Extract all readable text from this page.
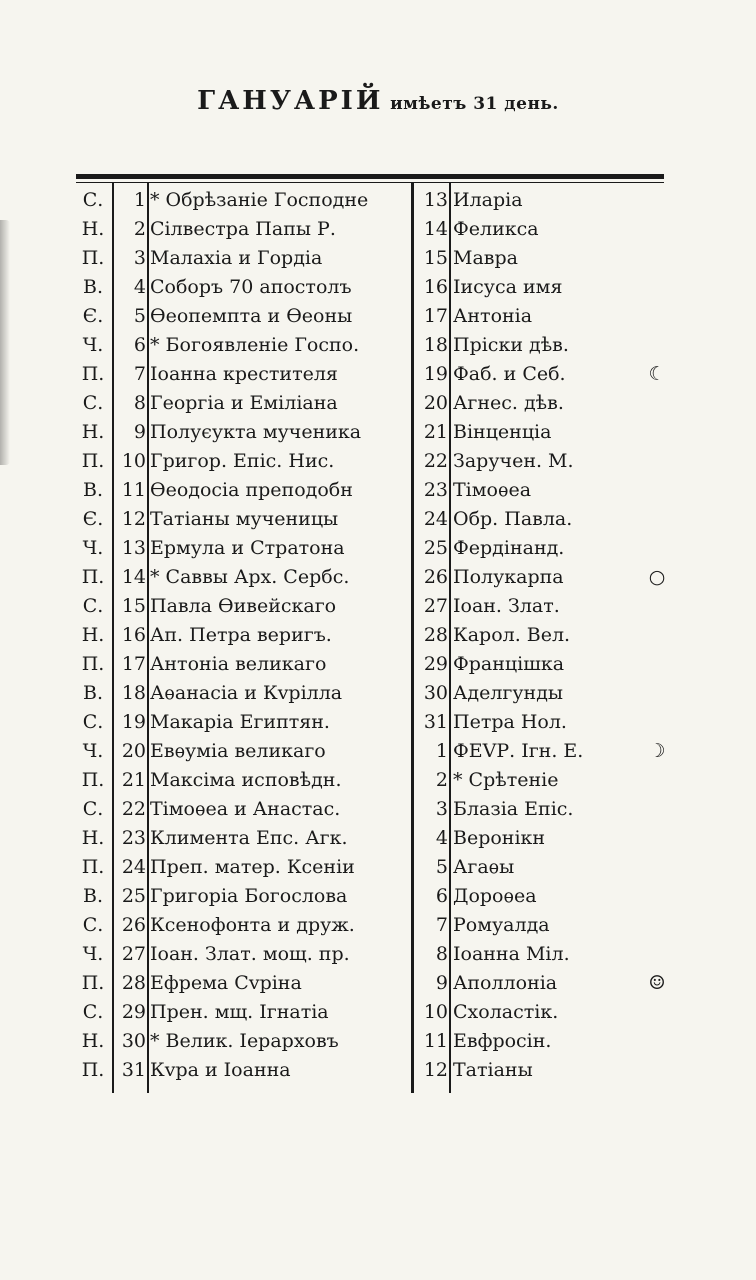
ГАНУАРІЙ имѣетъ 31 день.
С.	1 * Обрѣзаніе Господне	13 Иларіа
Н.	2 Сілвестра Папы Р.	14 Феликса
П.	3 Малахіа и Гордіа	15 Мавра
В.	4 Соборъ 70 апостолъ	16 Іисуса имя
Є.	5 Ѳеопемпта и Ѳеоны	17 Антоніа
Ч.	6 * Богоявленіе Госпо.	18 Пріски дѣв.
П.	7 Іоанна крестителя	19 Фаб. и Себ.	☾
С.	8 Георгіа и Еміліана	20 Агнес. дѣв.
Н.	9 Полуєукта мученика	21 Вінценціа
П. 10 Григор. Епіс. Нис.	22 Заручен. М.
В. 11 Ѳеодосіа преподобн	23 Тімоѳеа
Є. 12 Татіаны мученицы	24 Обр. Павла.
Ч. 13 Ермула и Стратона	25 Фердінанд.
П. 14 * Саввы Арх. Сербс.	26 Полукарпа	○
С. 15 Павла Ѳивейскаго	27 Іоан. Злат.
Н. 16 Ап. Петра веригъ.	28 Карол. Вел.
П. 17 Антоніа великаго	29 Францішка
В. 18 Аѳанасіа и Кvрілла	30 Аделгунды
С. 19 Макаріа Египтян.	31 Петра Нол.
Ч. 20 Евѳуміа великаго	1 ФЕVР. Ігн. Е.	☽
П. 21 Максіма исповѣдн.	2 * Срѣтеніе
С. 22 Тімоѳеа и Анастас.	3 Блазіа Епіс.
Н. 23 Климента Епс. Агк.	4 Веронікн
П. 24 Преп. матер. Ксеніи	5 Агаѳы
В. 25 Григоріа Богослова	6 Дороѳеа
С. 26 Ксенофонта и друж.	7 Ромуалда
Ч. 27 Іоан. Злат. мощ. пр.	8 Іоанна Міл.
П. 28 Ефрема Сvріна	9 Аполлоніа	☺
С. 29 Прен. мщ. Ігнатіа	10 Схоластік.
Н. 30 * Велик. Іерарховъ	11 Евфросін.
П. 31 Кvра и Іоанна	12 Татіаны
